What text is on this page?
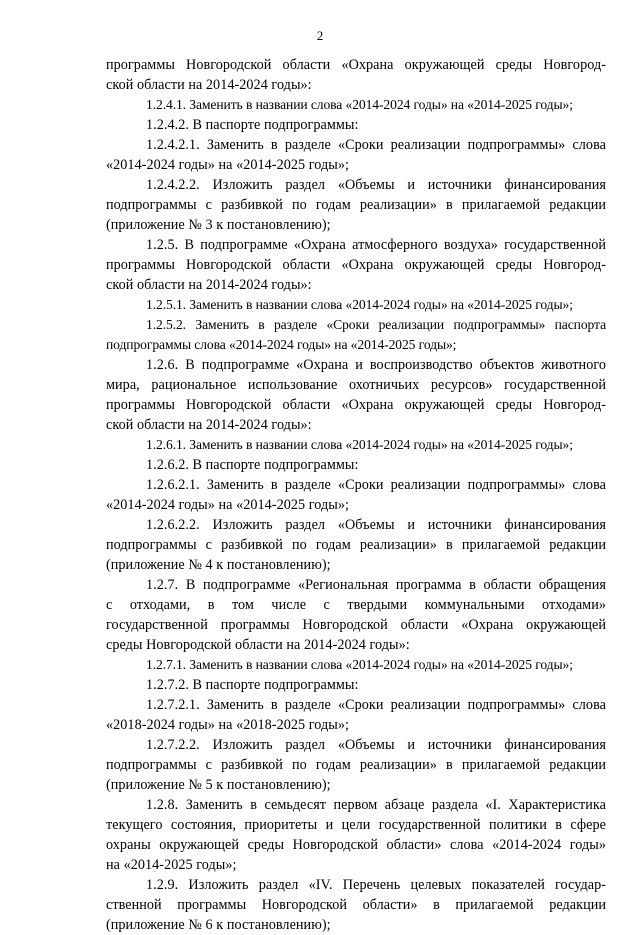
2
программы Новгородской области «Охрана окружающей среды Новгород-
ской области на 2014-2024 годы»:
1.2.4.1. Заменить в названии слова «2014-2024 годы» на «2014-2025 годы»;
1.2.4.2. В паспорте подпрограммы:
1.2.4.2.1. Заменить в разделе «Сроки реализации подпрограммы» слова
«2014-2024 годы» на «2014-2025 годы»;
1.2.4.2.2. Изложить раздел «Объемы и источники финансирования
подпрограммы с разбивкой по годам реализации» в прилагаемой редакции
(приложение № 3 к постановлению);
1.2.5. В подпрограмме «Охрана атмосферного воздуха» государственной
программы Новгородской области «Охрана окружающей среды Новгород-
ской области на 2014-2024 годы»:
1.2.5.1. Заменить в названии слова «2014-2024 годы» на «2014-2025 годы»;
1.2.5.2. Заменить в разделе «Сроки реализации подпрограммы» паспорта
подпрограммы слова «2014-2024 годы» на «2014-2025 годы»;
1.2.6. В подпрограмме «Охрана и воспроизводство объектов животного
мира, рациональное использование охотничьих ресурсов» государственной
программы Новгородской области «Охрана окружающей среды Новгород-
ской области на 2014-2024 годы»:
1.2.6.1. Заменить в названии слова «2014-2024 годы» на «2014-2025 годы»;
1.2.6.2. В паспорте подпрограммы:
1.2.6.2.1. Заменить в разделе «Сроки реализации подпрограммы» слова
«2014-2024 годы» на «2014-2025 годы»;
1.2.6.2.2. Изложить раздел «Объемы и источники финансирования
подпрограммы с разбивкой по годам реализации» в прилагаемой редакции
(приложение № 4 к постановлению);
1.2.7. В подпрограмме «Региональная программа в области обращения
с отходами, в том числе с твердыми коммунальными отходами»
государственной программы Новгородской области «Охрана окружающей
среды Новгородской области на 2014-2024 годы»:
1.2.7.1. Заменить в названии слова «2014-2024 годы» на «2014-2025 годы»;
1.2.7.2. В паспорте подпрограммы:
1.2.7.2.1. Заменить в разделе «Сроки реализации подпрограммы» слова
«2018-2024 годы» на «2018-2025 годы»;
1.2.7.2.2. Изложить раздел «Объемы и источники финансирования
подпрограммы с разбивкой по годам реализации» в прилагаемой редакции
(приложение № 5 к постановлению);
1.2.8. Заменить в семьдесят первом абзаце раздела «I. Характеристика
текущего состояния, приоритеты и цели государственной политики в сфере
охраны окружающей среды Новгородской области» слова «2014-2024 годы»
на «2014-2025 годы»;
1.2.9. Изложить раздел «IV. Перечень целевых показателей государ-
ственной программы Новгородской области» в прилагаемой редакции
(приложение № 6 к постановлению);
